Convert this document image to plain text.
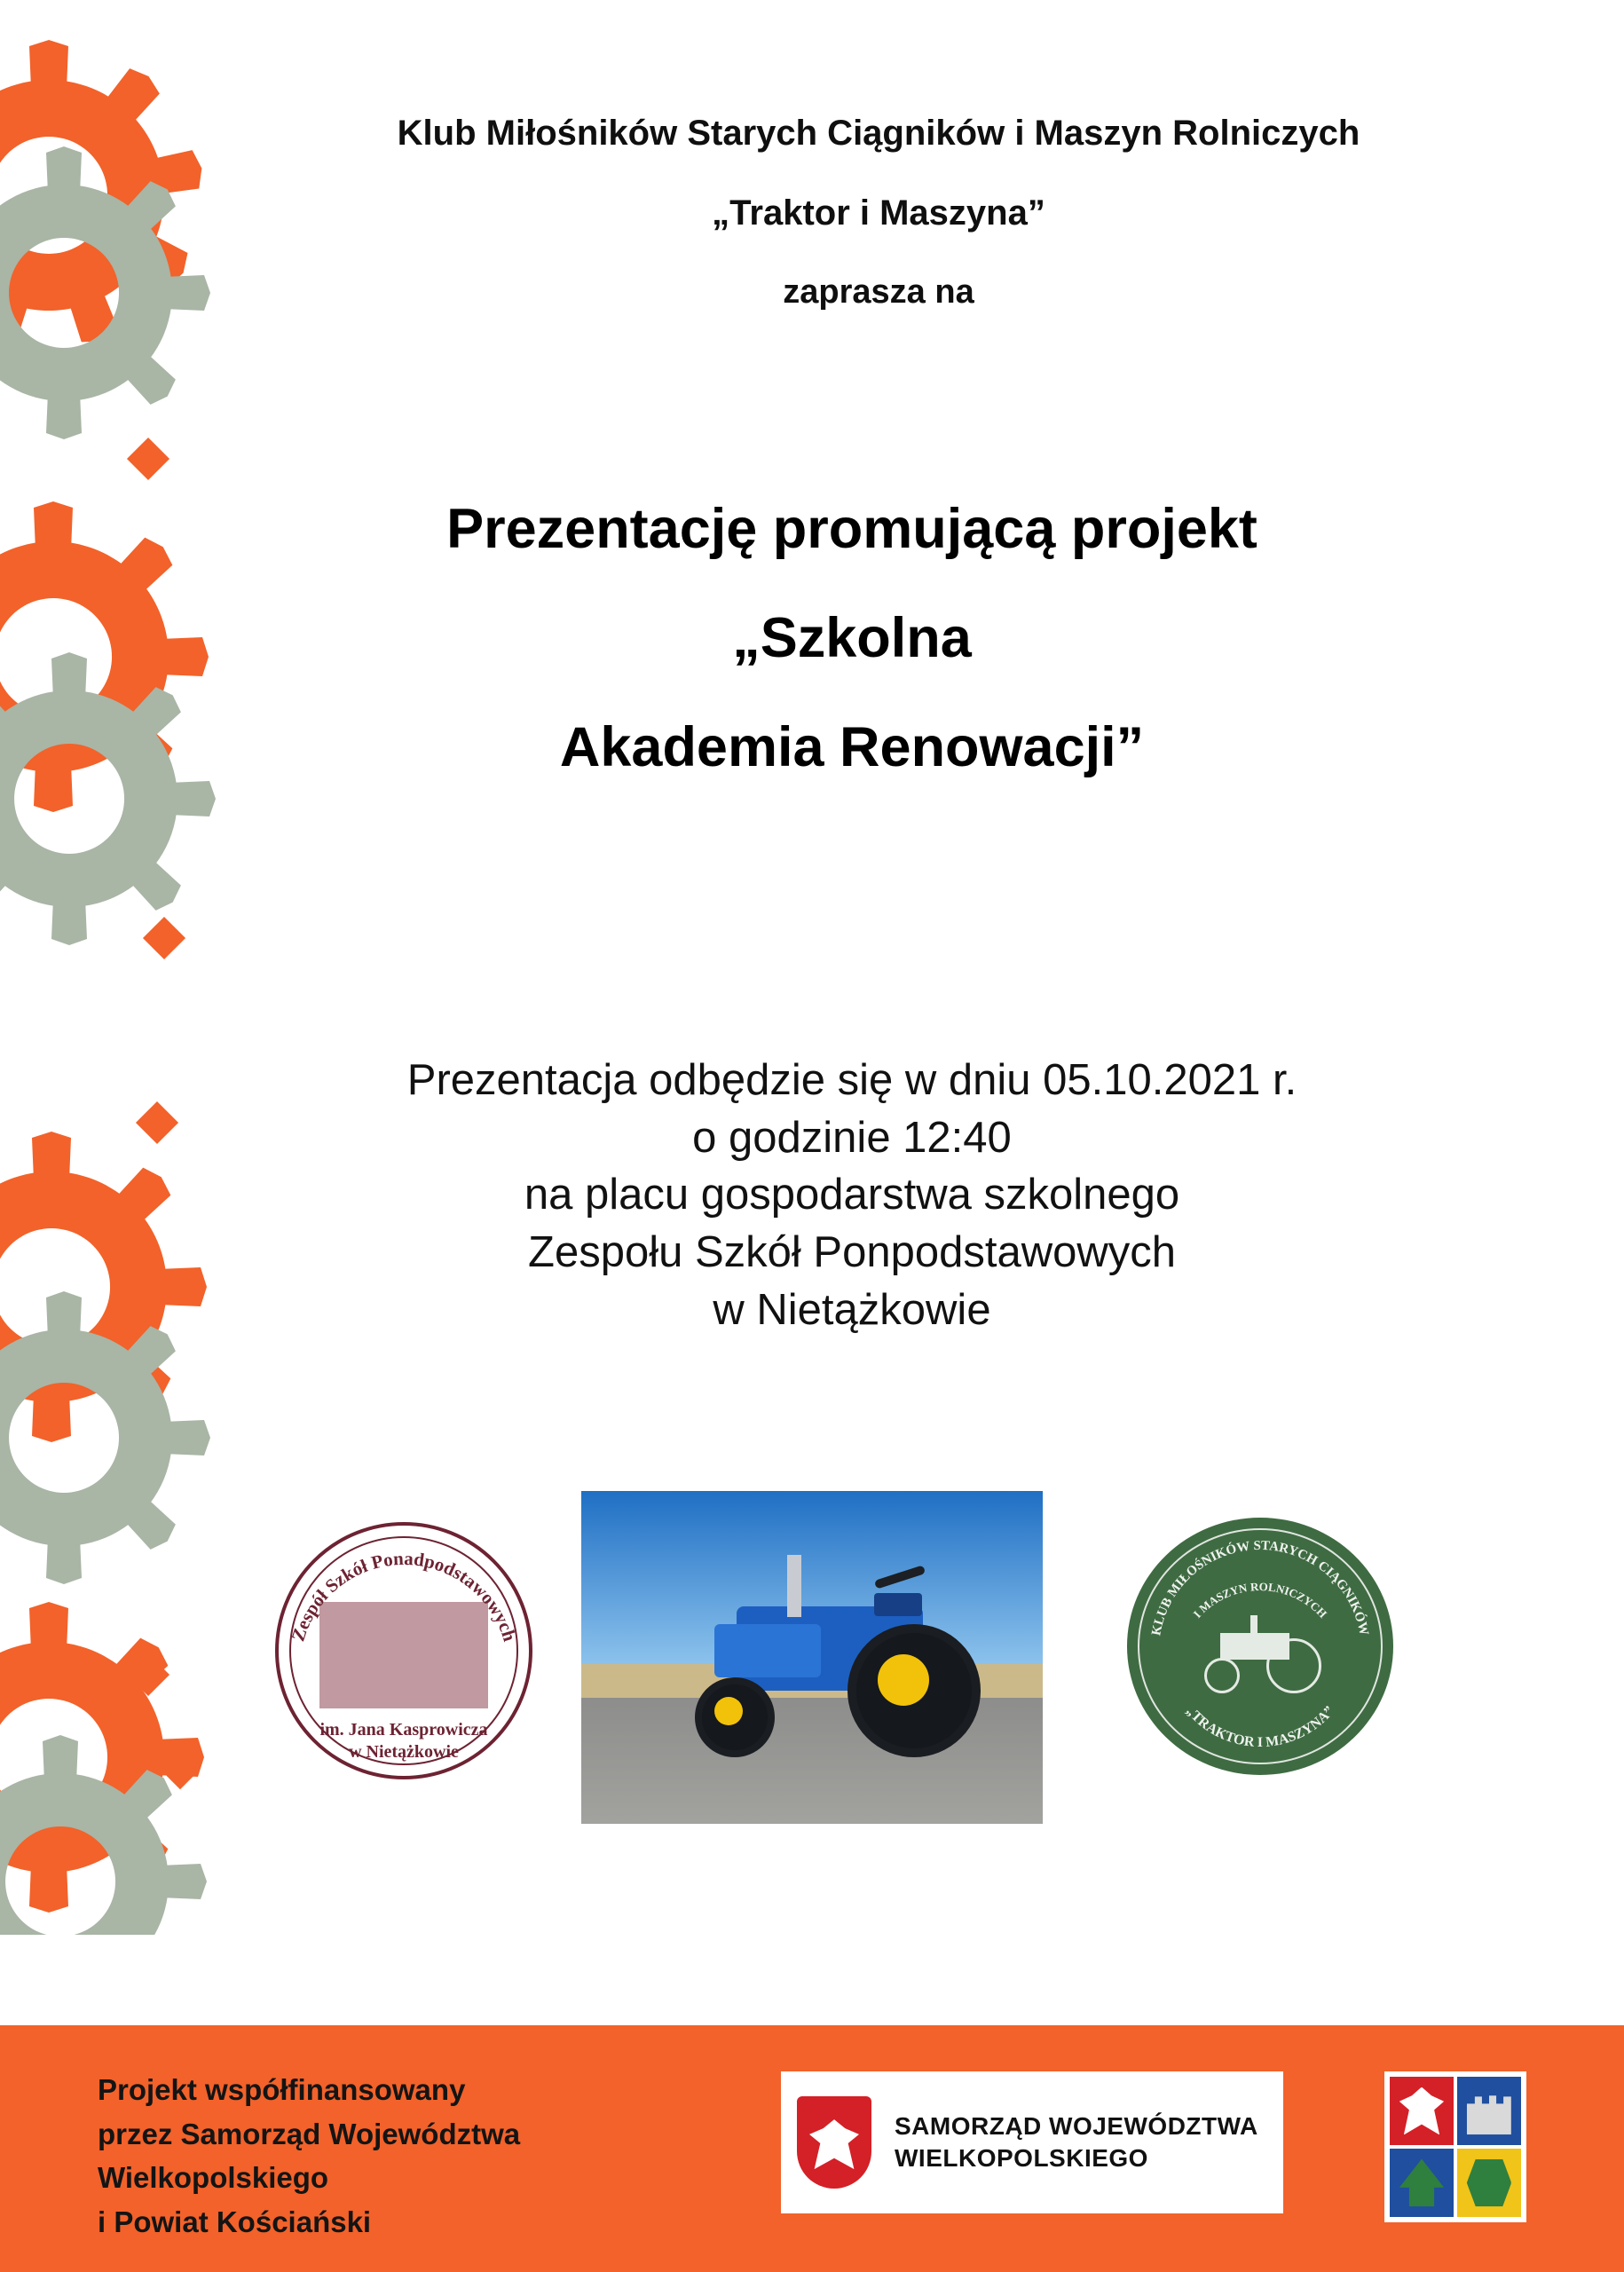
Klub Miłośników Starych Ciągników i Maszyn Rolniczych
„Traktor i Maszyna”
zaprasza na
Prezentację promującą projekt
„Szkolna
Akademia Renowacji”
Prezentacja odbędzie się w dniu 05.10.2021 r.
o godzinie 12:40
na placu gospodarstwa szkolnego
Zespołu Szkół Ponpodstawowych
w Nietążkowie
Zespół Szkół Ponadpodstawowych
im. Jana Kasprowicza
w Nietążkowie
KLUB MIŁOŚNIKÓW STARYCH CIĄGNIKÓW
I MASZYN ROLNICZYCH
„TRAKTOR I MASZYNA”
Projekt współfinansowany
przez Samorząd Województwa
Wielkopolskiego
i Powiat Kościański
SAMORZĄD WOJEWÓDZTWA
WIELKOPOLSKIEGO
